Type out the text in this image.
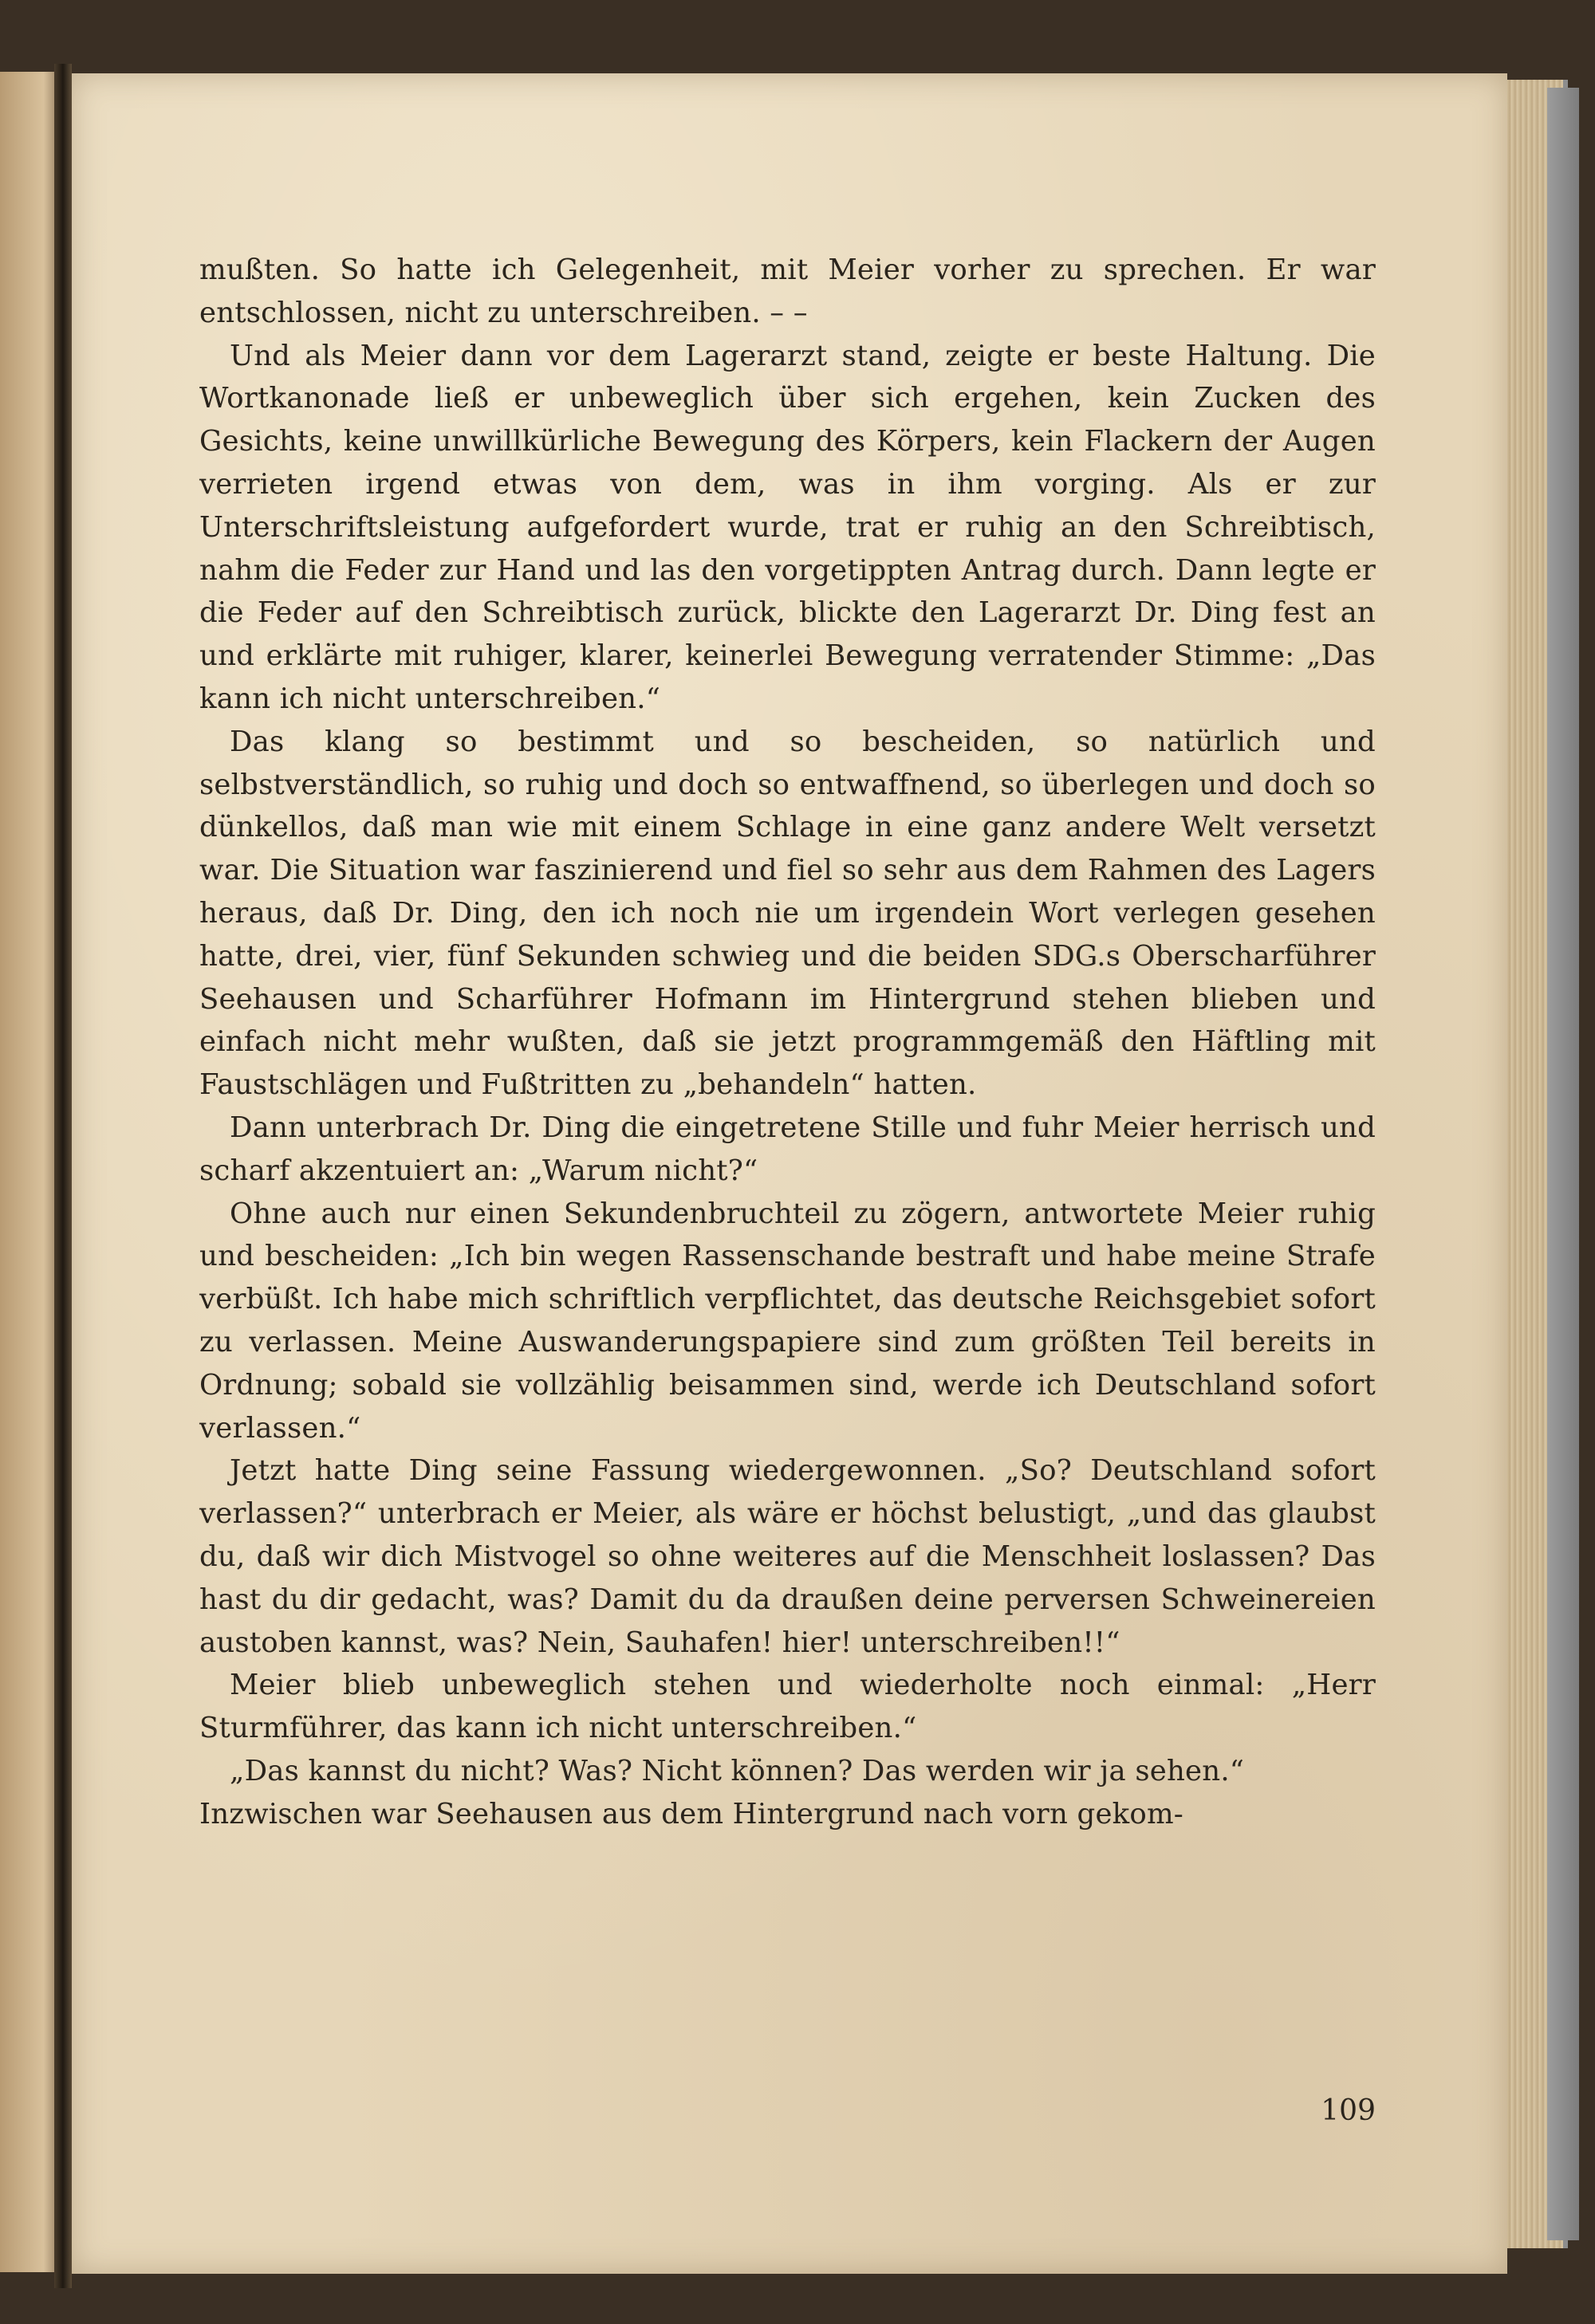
mußten. So hatte ich Gelegenheit, mit Meier vorher zu sprechen. Er war entschlossen, nicht zu unterschreiben. – –

Und als Meier dann vor dem Lagerarzt stand, zeigte er beste Haltung. Die Wortkanonade ließ er unbeweglich über sich ergehen, kein Zucken des Gesichts, keine unwillkürliche Bewegung des Körpers, kein Flackern der Augen verrieten irgend etwas von dem, was in ihm vorging. Als er zur Unterschriftsleistung aufgefordert wurde, trat er ruhig an den Schreibtisch, nahm die Feder zur Hand und las den vorgetippten Antrag durch. Dann legte er die Feder auf den Schreibtisch zurück, blickte den Lagerarzt Dr. Ding fest an und erklärte mit ruhiger, klarer, keinerlei Bewegung verratender Stimme: „Das kann ich nicht unterschreiben.“

Das klang so bestimmt und so bescheiden, so natürlich und selbstverständlich, so ruhig und doch so entwaffnend, so überlegen und doch so dünkellos, daß man wie mit einem Schlage in eine ganz andere Welt versetzt war. Die Situation war faszinierend und fiel so sehr aus dem Rahmen des Lagers heraus, daß Dr. Ding, den ich noch nie um irgendein Wort verlegen gesehen hatte, drei, vier, fünf Sekunden schwieg und die beiden SDG.s Oberscharführer Seehausen und Scharführer Hofmann im Hintergrund stehen blieben und einfach nicht mehr wußten, daß sie jetzt programmgemäß den Häftling mit Faustschlägen und Fußtritten zu „behandeln“ hatten.

Dann unterbrach Dr. Ding die eingetretene Stille und fuhr Meier herrisch und scharf akzentuiert an: „Warum nicht?“

Ohne auch nur einen Sekundenbruchteil zu zögern, antwortete Meier ruhig und bescheiden: „Ich bin wegen Rassenschande bestraft und habe meine Strafe verbüßt. Ich habe mich schriftlich verpflichtet, das deutsche Reichsgebiet sofort zu verlassen. Meine Auswanderungspapiere sind zum größten Teil bereits in Ordnung; sobald sie vollzählig beisammen sind, werde ich Deutschland sofort verlassen.“

Jetzt hatte Ding seine Fassung wiedergewonnen. „So? Deutschland sofort verlassen?“ unterbrach er Meier, als wäre er höchst belustigt, „und das glaubst du, daß wir dich Mistvogel so ohne weiteres auf die Menschheit loslassen? Das hast du dir gedacht, was? Damit du da draußen deine perversen Schweinereien austoben kannst, was? Nein, Sauhafen! hier! unterschreiben!!“

Meier blieb unbeweglich stehen und wiederholte noch einmal: „Herr Sturmführer, das kann ich nicht unterschreiben.“

„Das kannst du nicht? Was? Nicht können? Das werden wir ja sehen.“

Inzwischen war Seehausen aus dem Hintergrund nach vorn gekom-

109
